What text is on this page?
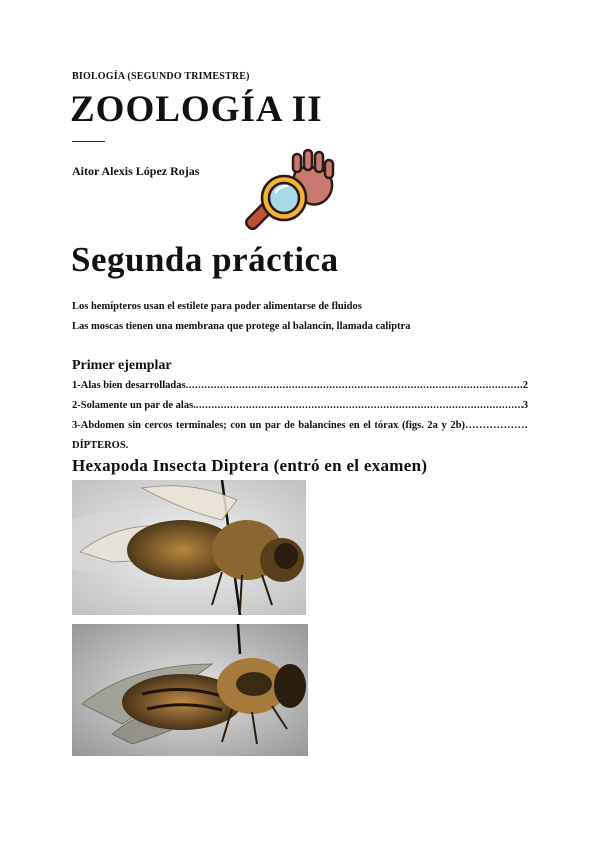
BIOLOGÍA (SEGUNDO TRIMESTRE)
ZOOLOGÍA II
Aitor Alexis López Rojas
Segunda práctica
Los hemípteros usan el estilete para poder alimentarse de fluidos
Las moscas tienen una membrana que protege al balancín, llamada caliptra
Primer ejemplar
1-Alas bien desarrolladas .....	2
2-Solamente un par de alas. .....	3
3-Abdomen sin cercos terminales; con un par de balancines en el tórax (figs. 2a y 2b)……………… DÍPTEROS.
Hexapoda Insecta Diptera (entró en el examen)
